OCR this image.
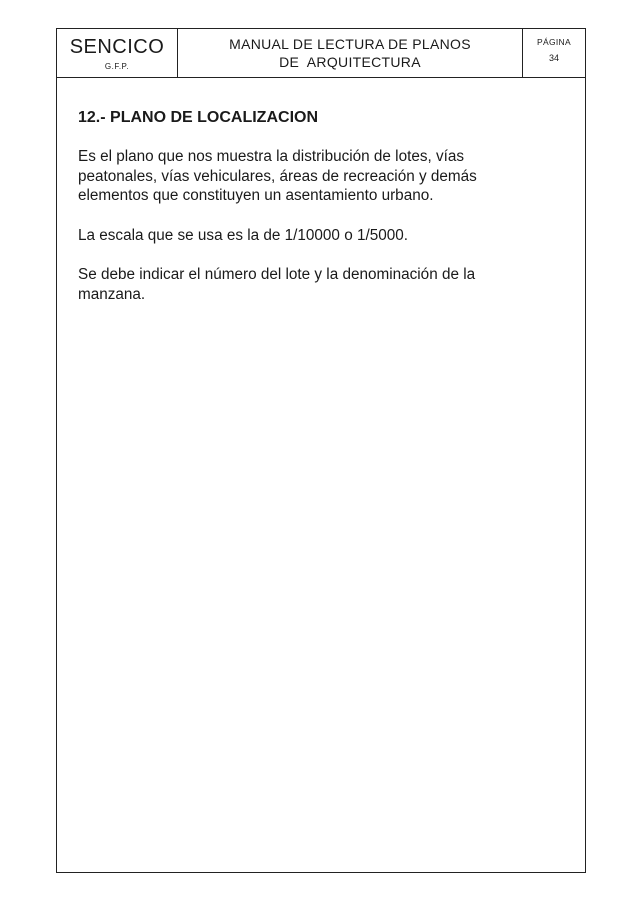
SENCICO
G.F.P.
MANUAL DE LECTURA DE PLANOS
DE  ARQUITECTURA
PÁGINA
34
12.- PLANO DE LOCALIZACION

Es el plano que nos muestra la distribución de lotes, vías peatonales, vías vehiculares, áreas de recreación y demás elementos que constituyen un asentamiento urbano.

La escala que se usa es la de 1/10000 o 1/5000.

Se debe indicar el número del lote y la denominación de la manzana.
